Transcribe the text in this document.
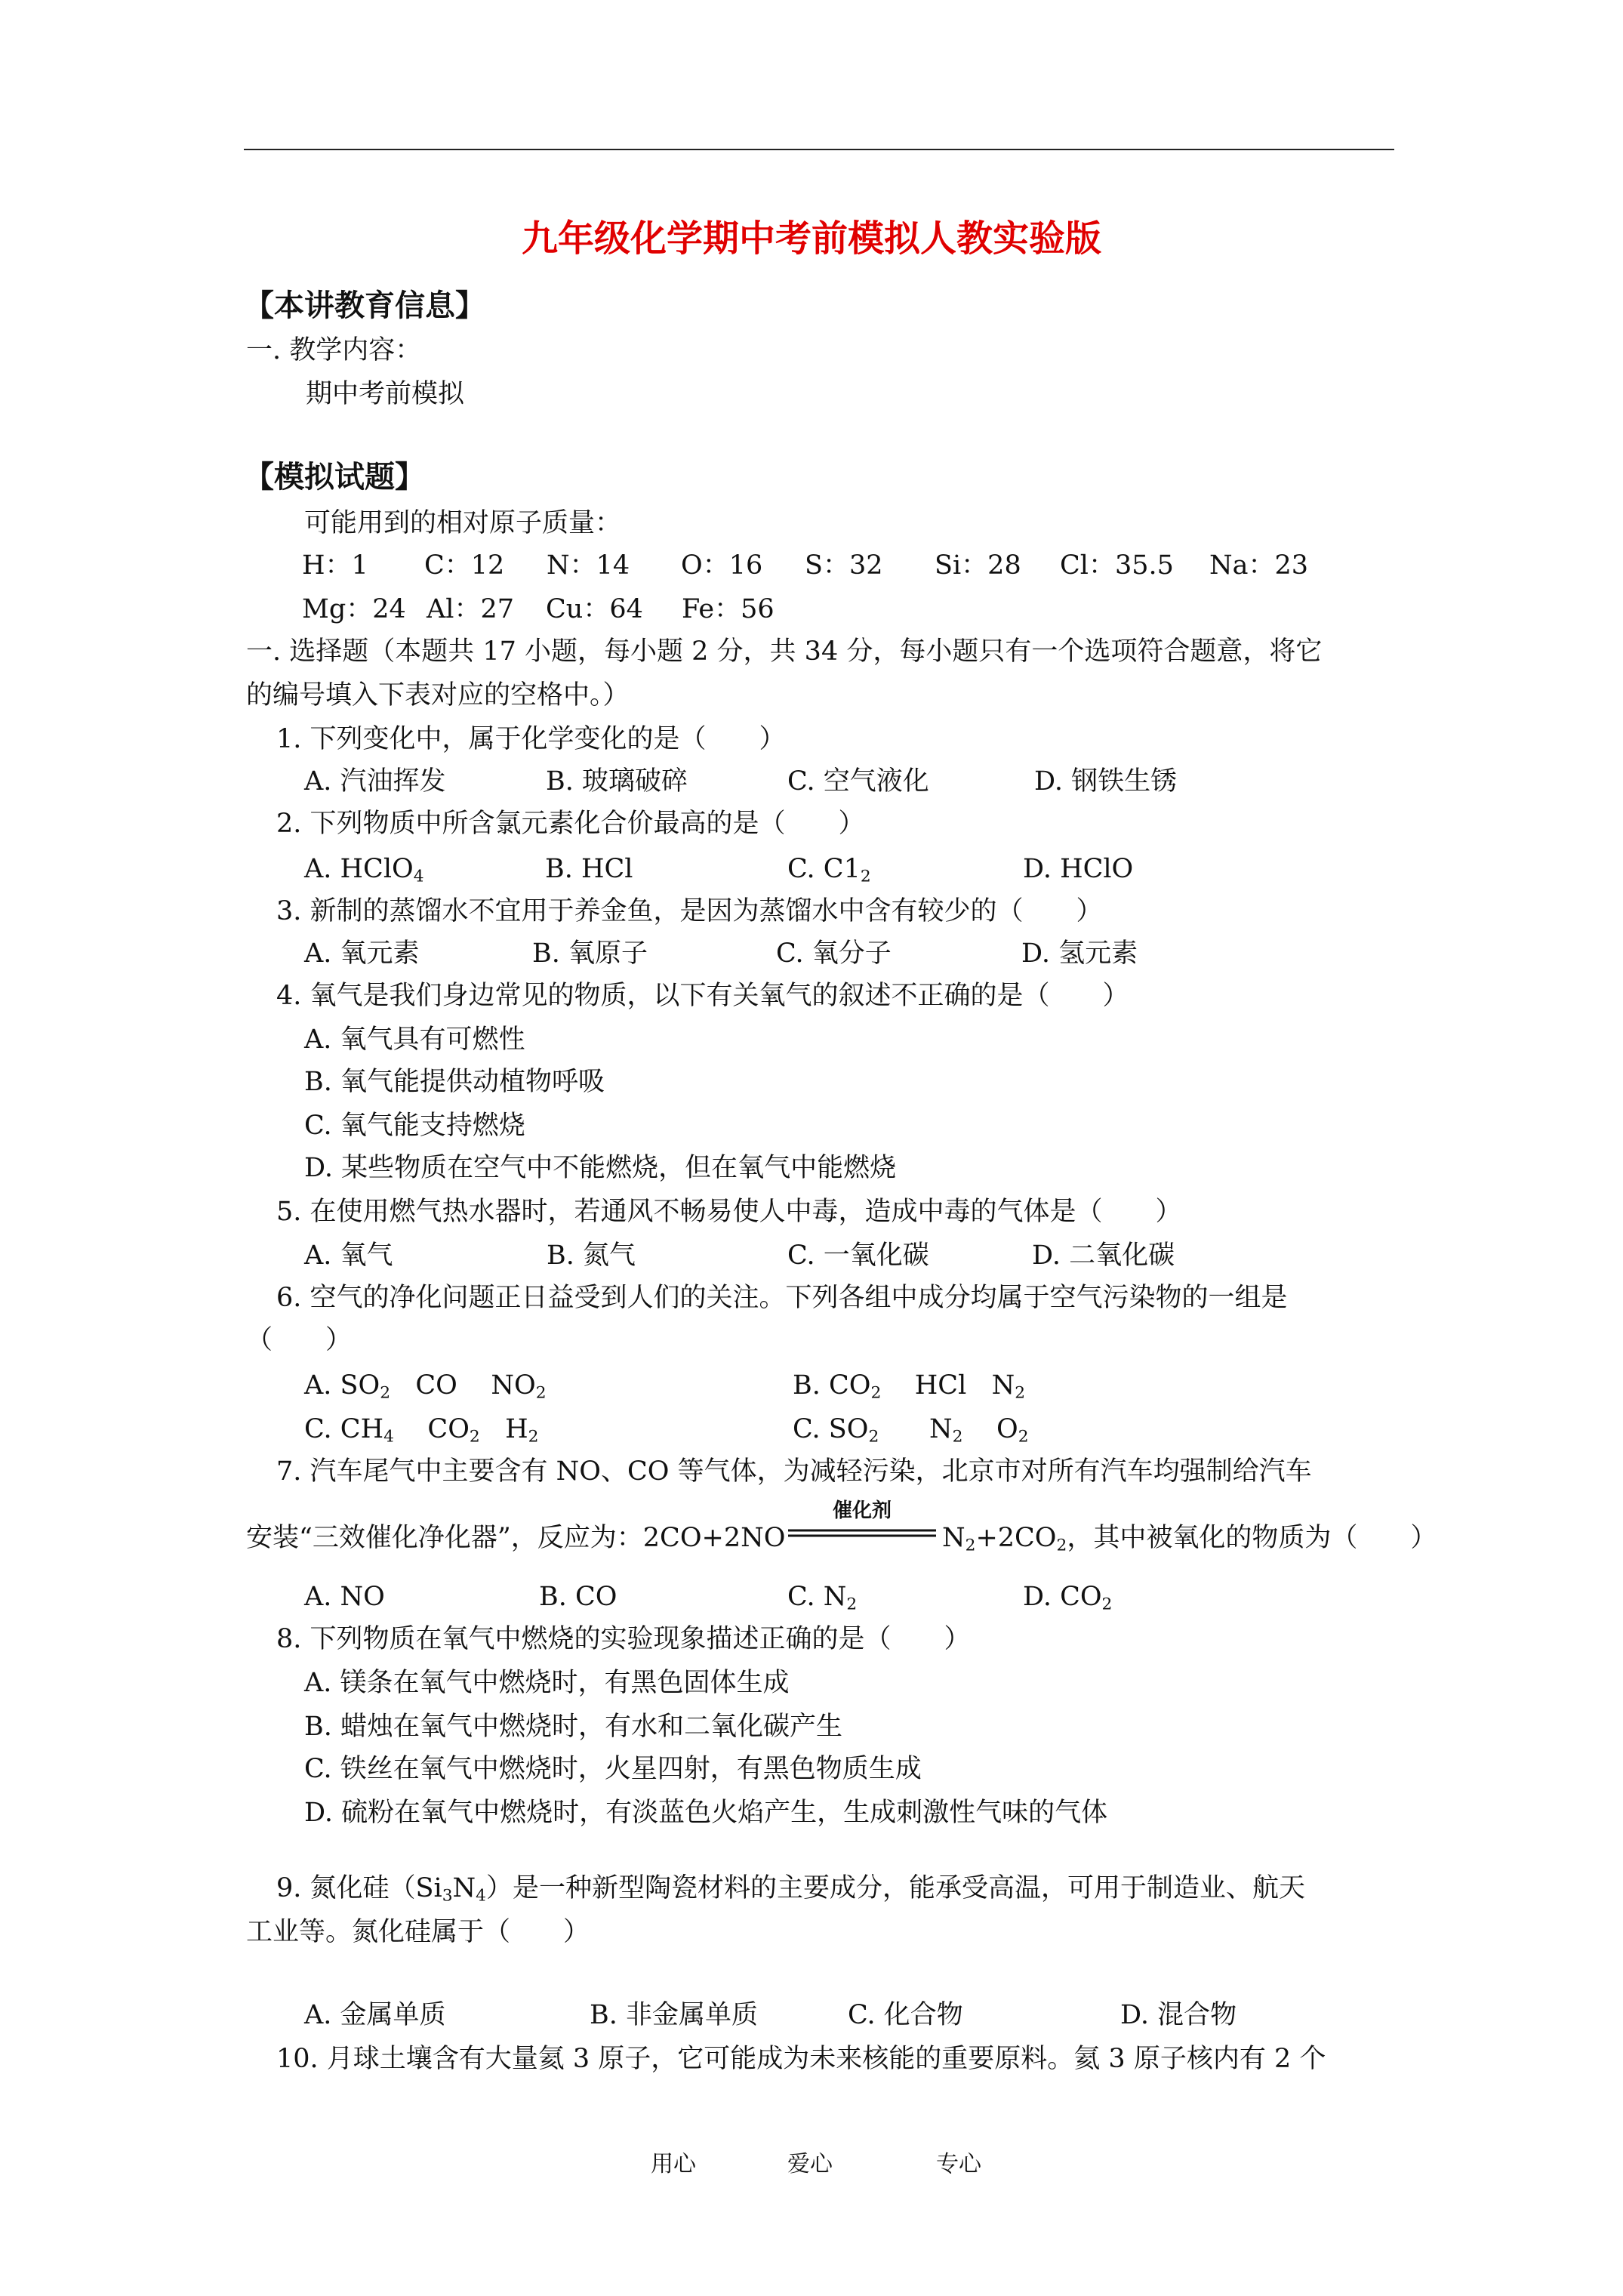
九年级化学期中考前模拟人教实验版
【本讲教育信息】
一. 教学内容：
期中考前模拟
【模拟试题】
可能用到的相对原子质量：
H：1 C：12 N：14 O：16 S：32 Si：28 Cl：35.5 Na：23
Mg：24 Al：27 Cu：64 Fe：56
一. 选择题（本题共 17 小题，每小题 2 分，共 34 分，每小题只有一个选项符合题意，将它
的编号填入下表对应的空格中。）
1. 下列变化中，属于化学变化的是（　　）
A. 汽油挥发	B. 玻璃破碎	C. 空气液化	D. 钢铁生锈
2. 下列物质中所含氯元素化合价最高的是（　　）
A. HClO$_4$	B. HCl	C. $C1_2$	D. HClO
3. 新制的蒸馏水不宜用于养金鱼，是因为蒸馏水中含有较少的（　　）
A. 氧元素	B. 氧原子	C. 氧分子	D. 氢元素
4. 氧气是我们身边常见的物质，以下有关氧气的叙述不正确的是（　　）
A. 氧气具有可燃性
B. 氧气能提供动植物呼吸
C. 氧气能支持燃烧
D. 某些物质在空气中不能燃烧，但在氧气中能燃烧
5. 在使用燃气热水器时，若通风不畅易使人中毒，造成中毒的气体是（　　）
A. 氧气	B. 氮气	C. 一氧化碳	D. 二氧化碳
6. 空气的净化问题正日益受到人们的关注。下列各组中成分均属于空气污染物的一组是
（　　）
A. $SO_2$ CO $NO_2$	B. $CO_2$ HCl $N_2$
C. $CH_4$ $CO_2$ $H_2$	C. $SO_2$ $N_2$ $O_2$
7. 汽车尾气中主要含有 NO、CO 等气体，为减轻污染，北京市对所有汽车均强制给汽车
安装“三效催化净化器”，反应为：2CO+2NO
催化剂
$N_2+2CO_2$，其中被氧化的物质为（　　）
A. NO	B. CO	C. $N_2$	D. $CO_2$
8. 下列物质在氧气中燃烧的实验现象描述正确的是（　　）
A. 镁条在氧气中燃烧时，有黑色固体生成
B. 蜡烛在氧气中燃烧时，有水和二氧化碳产生
C. 铁丝在氧气中燃烧时，火星四射，有黑色物质生成
D. 硫粉在氧气中燃烧时，有淡蓝色火焰产生，生成刺激性气味的气体
9. 氮化硅$(Si_3N_4)$是一种新型陶瓷材料的主要成分，能承受高温，可用于制造业、航天
工业等。氮化硅属于（　　）
A. 金属单质	B. 非金属单质	C. 化合物	D. 混合物
10. 月球土壤含有大量氦 3 原子，它可能成为未来核能的重要原料。氦 3 原子核内有 2 个
用心	爱心	专心
